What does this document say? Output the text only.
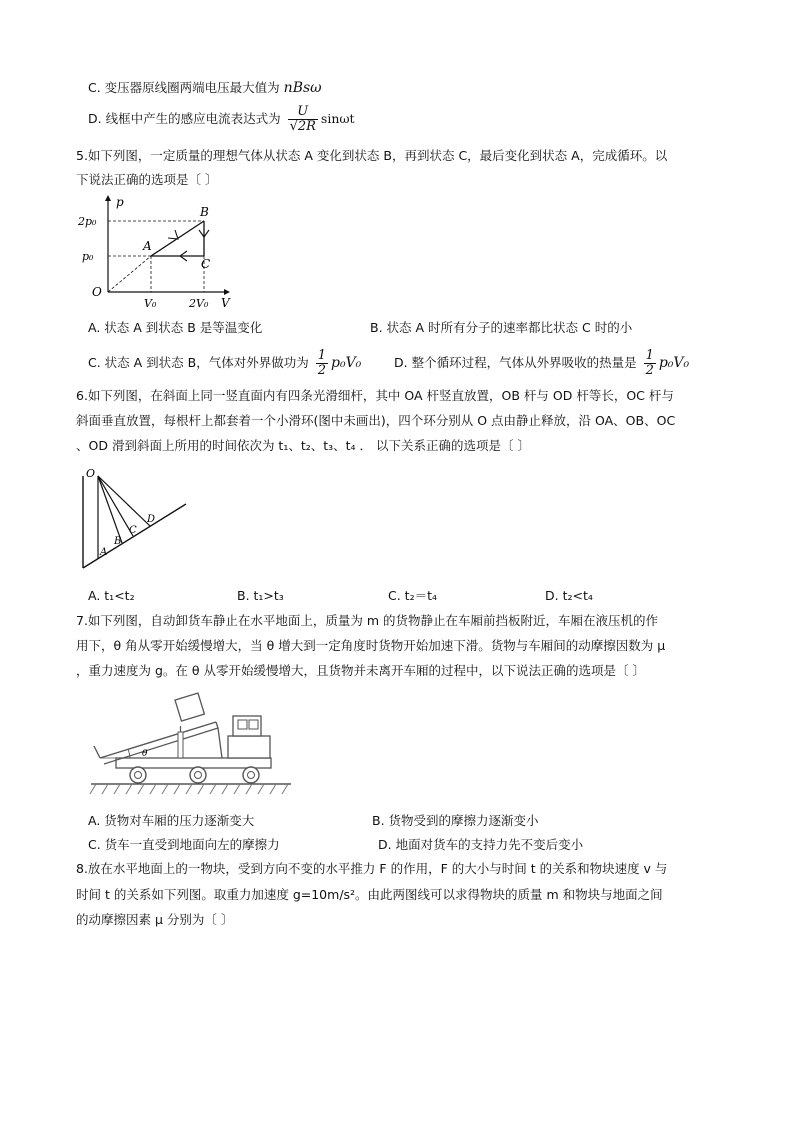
C. 变压器原线圈两端电压最大值为 nBsω
D. 线框中产生的感应电流表达式为 $\frac{U}{√2R}$ sinωt
5.如下列图，一定质量的理想气体从状态 A 变化到状态 B，再到状态 C，最后变化到状态 A，完成循环。以
下说法正确的选项是〔 〕
p
V
O
2p₀
p₀
V₀	2V₀
A
B
C
A. 状态 A 到状态 B 是等温变化	B. 状态 A 时所有分子的速率都比状态 C 时的小
C. 状态 A 到状态 B，气体对外界做功为 $\frac{1}{2} p_0V_0$	D. 整个循环过程，气体从外界吸收的热量是 $\frac{1}{2} p_0V_0$
6.如下列图，在斜面上同一竖直面内有四条光滑细杆，其中 OA 杆竖直放置，OB 杆与 OD 杆等长，OC 杆与
斜面垂直放置，每根杆上都套着一个小滑环(图中未画出)，四个环分别从 O 点由静止释放，沿 OA、OB、OC
、OD 滑到斜面上所用的时间依次为 t₁、t₂、t₃、t₄ ． 以下关系正确的选项是〔 〕
O
A
B
C
D
A. t₁<t₂	B. t₁>t₃	C. t₂＝t₄	D. t₂<t₄
7.如下列图，自动卸货车静止在水平地面上，质量为 m 的货物静止在车厢前挡板附近，车厢在液压机的作
用下，θ 角从零开始缓慢增大，当 θ 增大到一定角度时货物开始加速下滑。货物与车厢间的动摩擦因数为 μ
，重力速度为 g。在 θ 从零开始缓慢增大，且货物并未离开车厢的过程中，以下说法正确的选项是〔 〕
θ
A. 货物对车厢的压力逐渐变大	B. 货物受到的摩擦力逐渐变小
C. 货车一直受到地面向左的摩擦力	D. 地面对货车的支持力先不变后变小
8.放在水平地面上的一物块，受到方向不变的水平推力 F 的作用，F 的大小与时间 t 的关系和物块速度 v 与
时间 t 的关系如下列图。取重力加速度 g=10m/s²。由此两图线可以求得物块的质量 m 和物块与地面之间
的动摩擦因素 μ 分别为〔 〕
